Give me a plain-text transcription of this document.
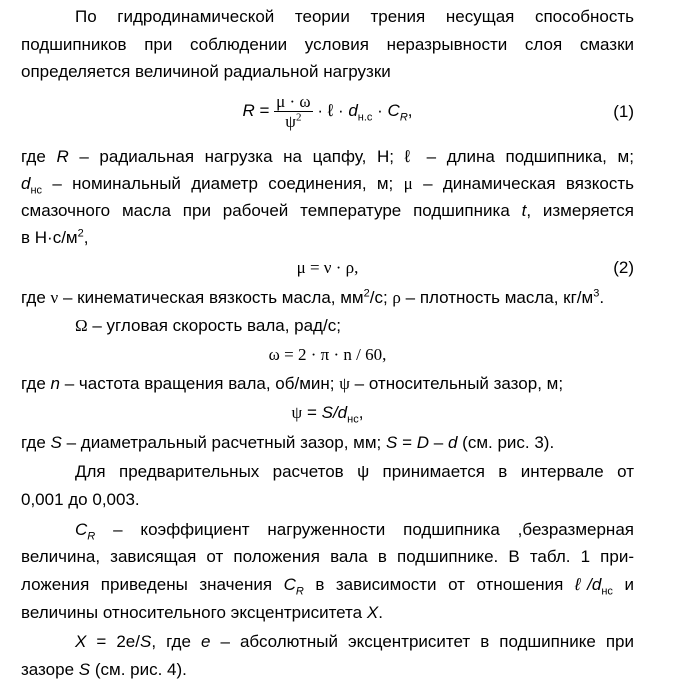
По гидродинамической теории трения несущая способность
подшипников при соблюдении условия неразрывности слоя смазки
определяется величиной радиальной нагрузки
$R = \frac{\mu \cdot \omega}{\psi^2}$ · ℓ · $d_{н.с} \cdot C_R$,	(1)
где R – радиальная нагрузка на цапфу, Н; ℓ – длина подшипника, м;
$d_{нс}$ – номинальный диаметр соединения, м; μ – динамическая вязкость
смазочного масла при рабочей температуре подшипника t, измеряется
в $Н\cdot с/м^2$,
μ = ν · ρ,	(2)
где ν – кинематическая вязкость масла, $мм^2/с$; ρ – плотность масла, $кг/м^3$.
Ω – угловая скорость вала, рад/с;
ω = 2 · π · n / 60,
где n – частота вращения вала, об/мин; ψ – относительный зазор, м;
$\psi = S/d_{нс}$,
где S – диаметральный расчетный зазор, мм; S = D – d (см. рис. 3).
Для предварительных расчетов ψ принимается в интервале от
0,001 до 0,003.
$C_R$ – коэффициент нагруженности подшипника ,безразмерная
величина, зависящая от положения вала в подшипнике. В табл. 1 при-
ложения приведены значения $C_R$ в зависимости от отношения $\ell/d_{нс}$ и
величины относительного эксцентриситета X.
X = 2e/S, где e – абсолютный эксцентриситет в подшипнике при
зазоре S (см. рис. 4).
